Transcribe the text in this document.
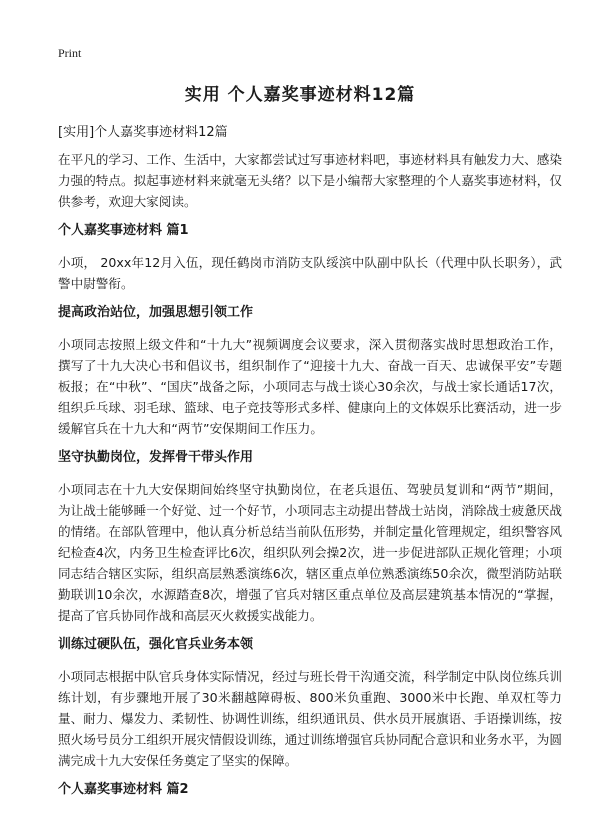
Print
实用 个人嘉奖事迹材料12篇
[实用]个人嘉奖事迹材料12篇

在平凡的学习、工作、生活中，大家都尝试过写事迹材料吧，事迹材料具有触发力大、感染力强的特点。拟起事迹材料来就毫无头绪？以下是小编帮大家整理的个人嘉奖事迹材料，仅供参考，欢迎大家阅读。

个人嘉奖事迹材料 篇1

小项， 20xx年12月入伍，现任鹤岗市消防支队绥滨中队副中队长（代理中队长职务），武警中尉警衔。

提高政治站位，加强思想引领工作

小项同志按照上级文件和“十九大”视频调度会议要求，深入贯彻落实战时思想政治工作，撰写了十九大决心书和倡议书，组织制作了“迎接十九大、奋战一百天、忠诚保平安”专题板报；在“中秋”、“国庆”战备之际，小项同志与战士谈心30余次，与战士家长通话17次，组织乒乓球、羽毛球、篮球、电子竞技等形式多样、健康向上的文体娱乐比赛活动，进一步缓解官兵在十九大和“两节”安保期间工作压力。

坚守执勤岗位，发挥骨干带头作用

小项同志在十九大安保期间始终坚守执勤岗位，在老兵退伍、驾驶员复训和“两节”期间，为让战士能够睡一个好觉、过一个好节，小项同志主动提出替战士站岗，消除战士疲惫厌战的情绪。在部队管理中，他认真分析总结当前队伍形势，并制定量化管理规定，组织警容风纪检查4次，内务卫生检查评比6次，组织队列会操2次，进一步促进部队正规化管理；小项同志结合辖区实际，组织高层熟悉演练6次，辖区重点单位熟悉演练50余次，微型消防站联勤联训10余次，水源踏查8次，增强了官兵对辖区重点单位及高层建筑基本情况的“掌握，提高了官兵协同作战和高层灭火救援实战能力。

训练过硬队伍，强化官兵业务本领

小项同志根据中队官兵身体实际情况，经过与班长骨干沟通交流，科学制定中队岗位练兵训练计划，有步骤地开展了30米翻越障碍板、800米负重跑、3000米中长跑、单双杠等力量、耐力、爆发力、柔韧性、协调性训练，组织通讯员、供水员开展旗语、手语操训练，按照火场号员分工组织开展灾情假设训练，通过训练增强官兵协同配合意识和业务水平，为圆满完成十九大安保任务奠定了坚实的保障。

个人嘉奖事迹材料 篇2
